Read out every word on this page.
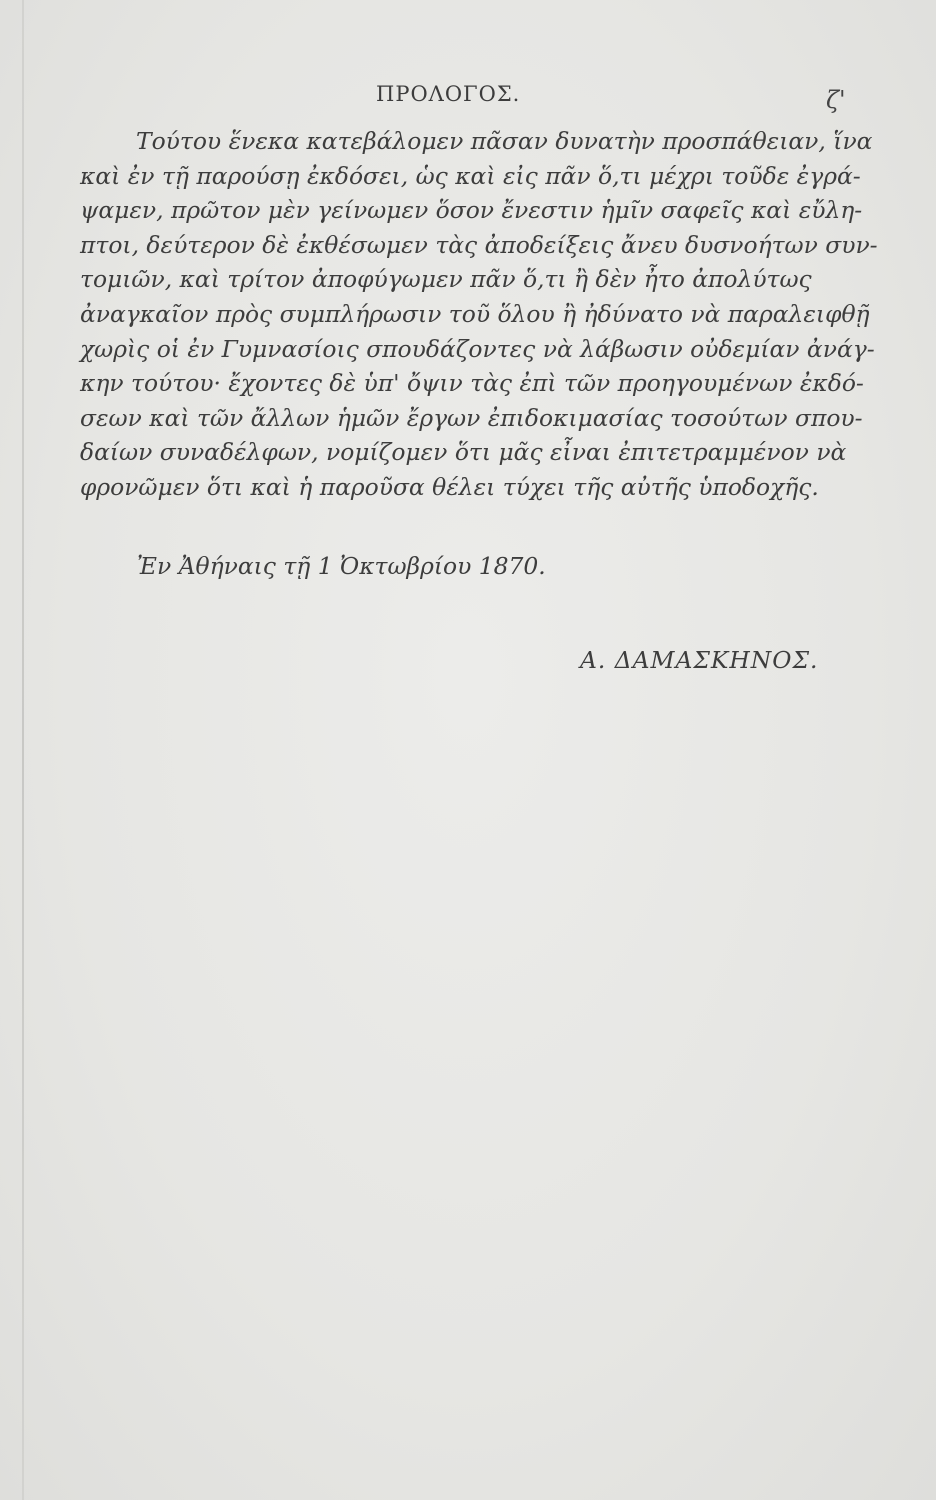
ΠΡΟΛΟΓΟΣ.	ζ'
Τούτου ἕνεκα κατεβάλομεν πᾶσαν δυνατὴν προσπάθειαν, ἵνα
καὶ ἐν τῇ παρούσῃ ἐκδόσει, ὡς καὶ εἰς πᾶν ὅ,τι μέχρι τοῦδε ἐγρά-
ψαμεν, πρῶτον μὲν γείνωμεν ὅσον ἔνεστιν ἡμῖν σαφεῖς καὶ εὔλη-
πτοι, δεύτερον δὲ ἐκθέσωμεν τὰς ἀποδείξεις ἄνευ δυσνοήτων συν-
τομιῶν, καὶ τρίτον ἀποφύγωμεν πᾶν ὅ,τι ἢ δὲν ἦτο ἀπολύτως
ἀναγκαῖον πρὸς συμπλήρωσιν τοῦ ὅλου ἢ ἠδύνατο νὰ παραλειφθῇ
χωρὶς οἱ ἐν Γυμνασίοις σπουδάζοντες νὰ λάβωσιν οὐδεμίαν ἀνάγ-
κην τούτου· ἔχοντες δὲ ὑπ' ὄψιν τὰς ἐπὶ τῶν προηγουμένων ἐκδό-
σεων καὶ τῶν ἄλλων ἡμῶν ἔργων ἐπιδοκιμασίας τοσούτων σπου-
δαίων συναδέλφων, νομίζομεν ὅτι μᾶς εἶναι ἐπιτετραμμένον νὰ
φρονῶμεν ὅτι καὶ ἡ παροῦσα θέλει τύχει τῆς αὐτῆς ὑποδοχῆς.
Ἐν Ἀθήναις τῇ 1 Ὀκτωβρίου 1870.
Α. ΔΑΜΑΣΚΗΝΟΣ.
